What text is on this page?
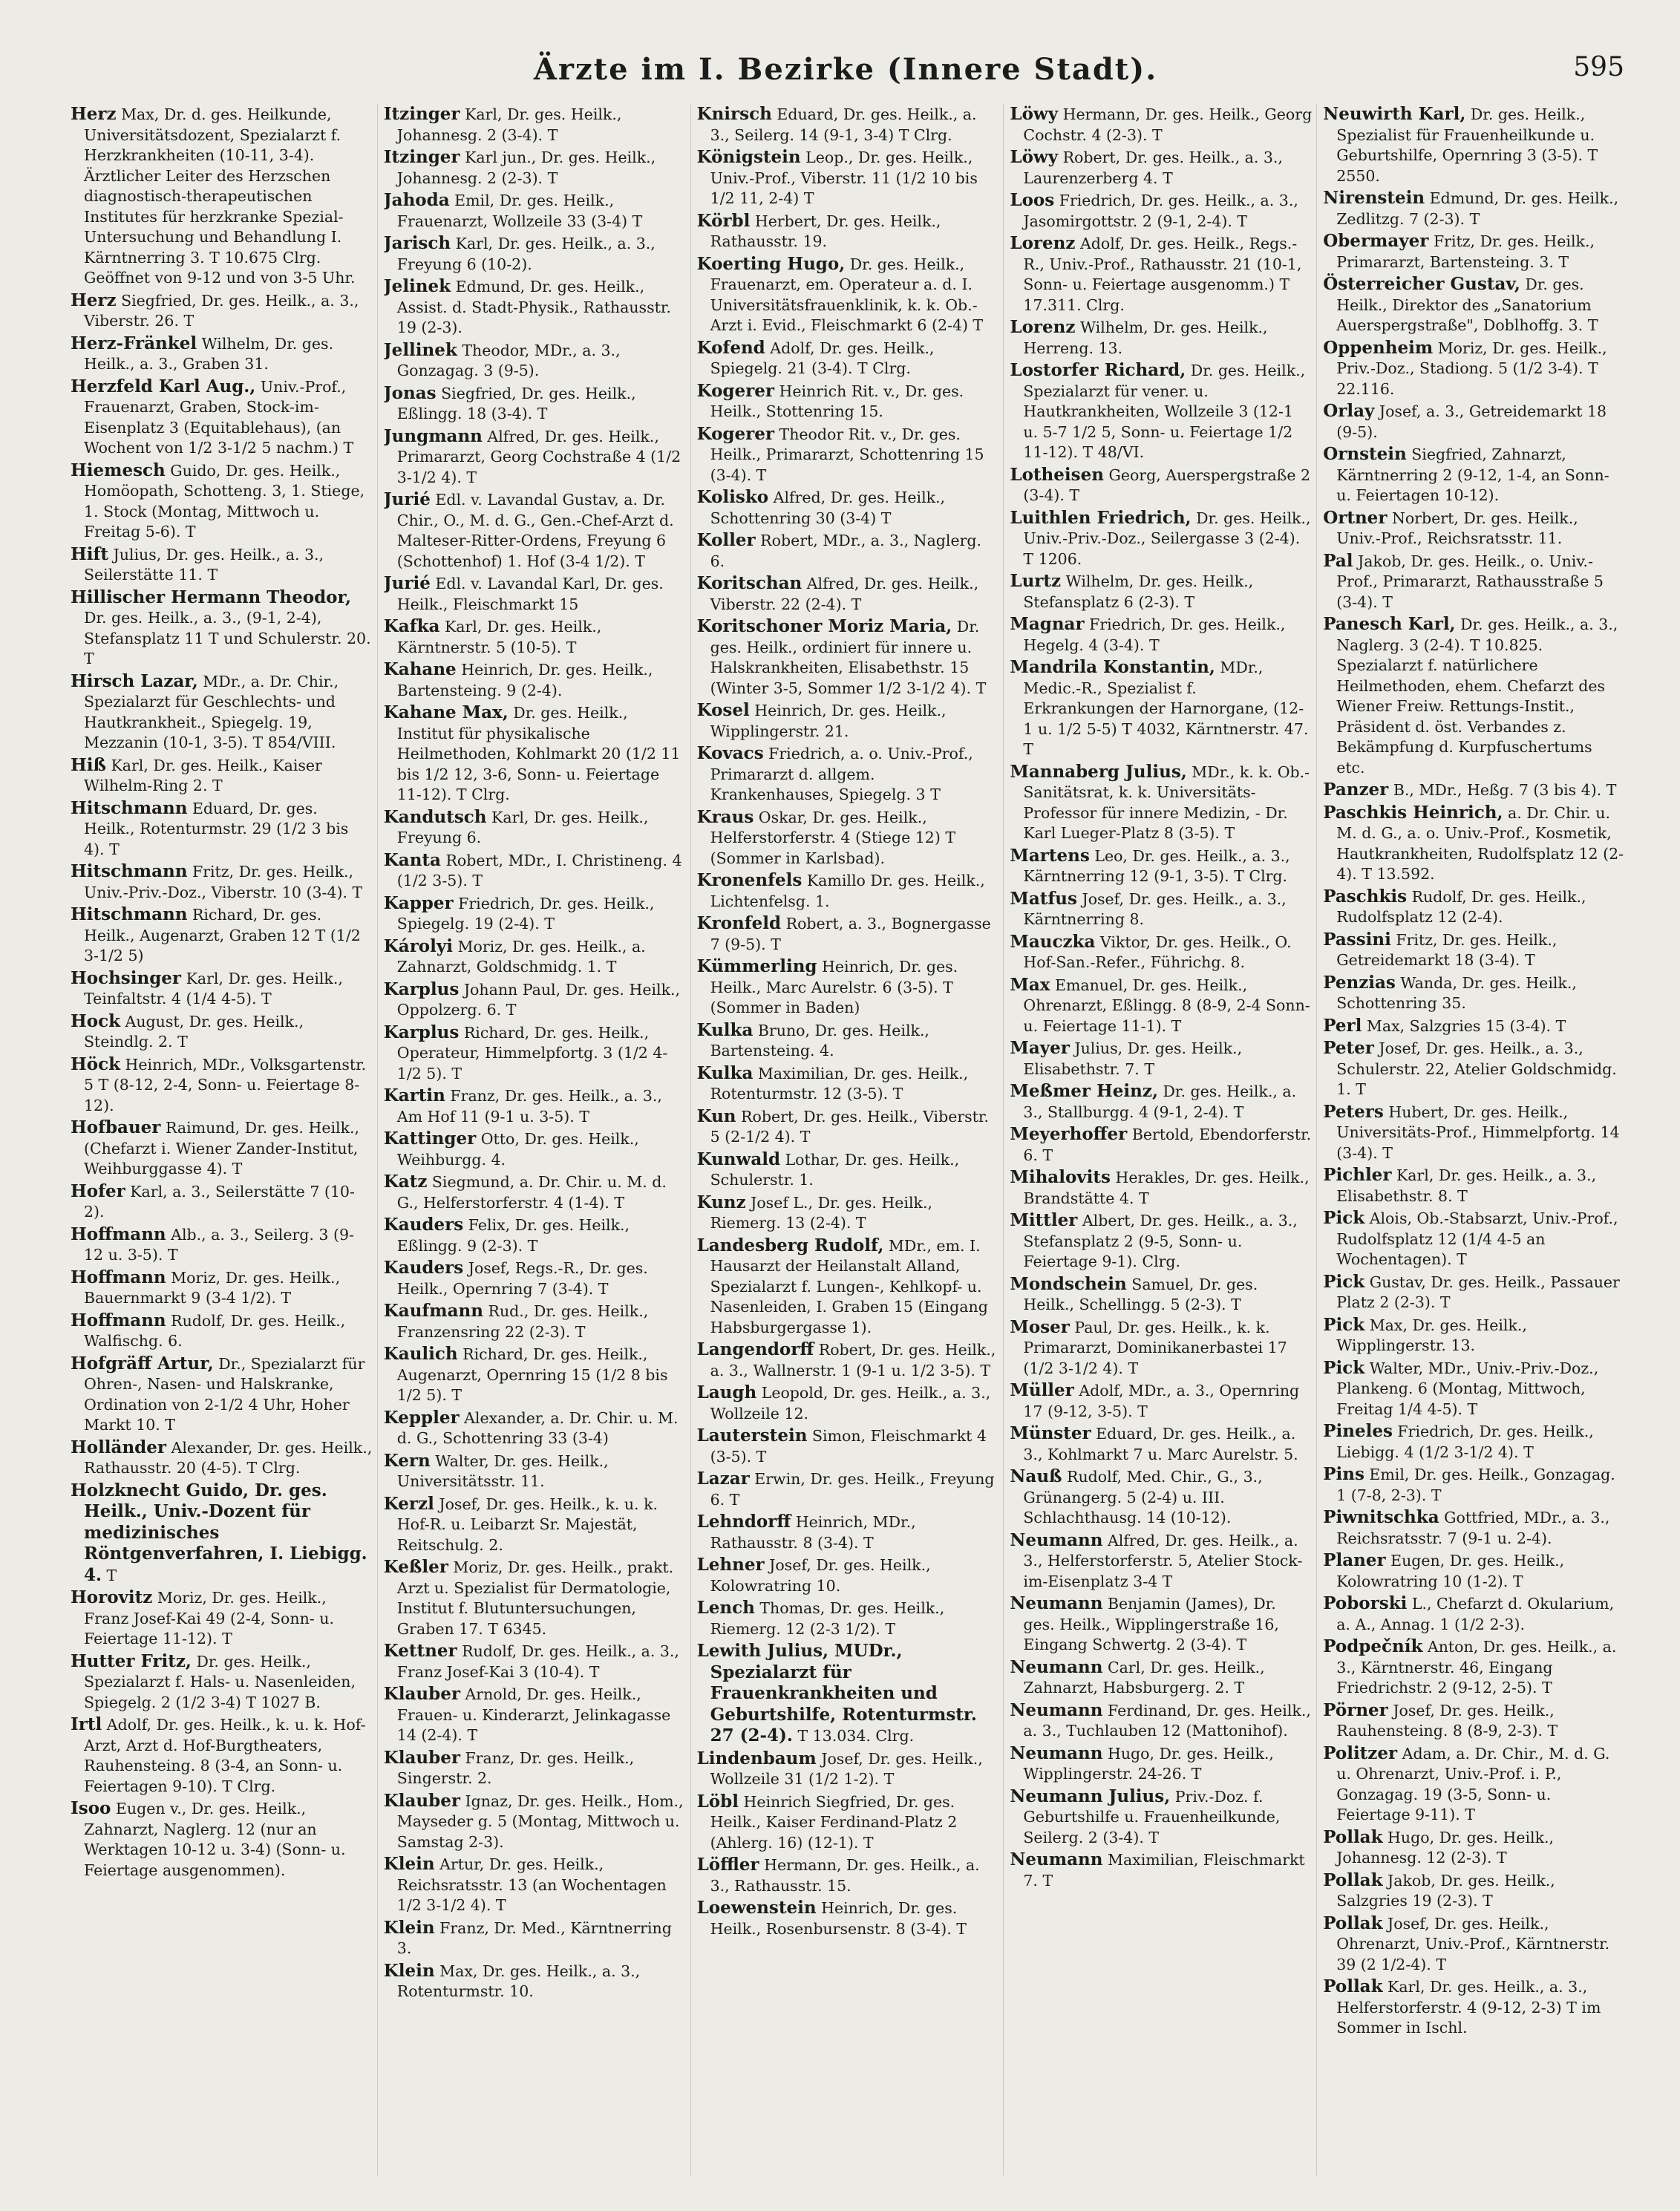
Ärzte im I. Bezirke (Innere Stadt).	595

Herz Max, Dr. d. ges. Heilkunde, Universitätsdozent, Spezialarzt f. Herzkrankheiten (10-11, 3-4). Ärztlicher Leiter des Herzschen diagnostisch-therapeutischen Institutes für herzkranke Spezial-Untersuchung und Behandlung I. Kärntnerring 3. T 10.675 Clrg. Geöffnet von 9-12 und von 3-5 Uhr.

Herz Siegfried, Dr. ges. Heilk., a. 3., Viberstr. 26. T

Herz-Fränkel Wilhelm, Dr. ges. Heilk., a. 3., Graben 31.

Herzfeld Karl Aug., Univ.-Prof., Frauenarzt, Graben, Stock-im-Eisenplatz 3 (Equitablehaus), (an Wochent von 1/2 3-1/2 5 nachm.) T

Hiemesch Guido, Dr. ges. Heilk., Homöopath, Schotteng. 3, 1. Stiege, 1. Stock (Montag, Mittwoch u. Freitag 5-6). T

Hift Julius, Dr. ges. Heilk., a. 3., Seilerstätte 11. T

Hillischer Hermann Theodor, Dr. ges. Heilk., a. 3., (9-1, 2-4), Stefansplatz 11 T und Schulerstr. 20. T

Hirsch Lazar, MDr., a. Dr. Chir., Spezialarzt für Geschlechts- und Hautkrankheit., Spiegelg. 19, Mezzanin (10-1, 3-5). T 854/VIII.

Hiß Karl, Dr. ges. Heilk., Kaiser Wilhelm-Ring 2. T

Hitschmann Eduard, Dr. ges. Heilk., Rotenturmstr. 29 (1/2 3 bis 4). T

Hitschmann Fritz, Dr. ges. Heilk., Univ.-Priv.-Doz., Viberstr. 10 (3-4). T

Hitschmann Richard, Dr. ges. Heilk., Augenarzt, Graben 12 T (1/2 3-1/2 5)

Hochsinger Karl, Dr. ges. Heilk., Teinfaltstr. 4 (1/4 4-5). T

Hock August, Dr. ges. Heilk., Steindlg. 2. T

Höck Heinrich, MDr., Volksgartenstr. 5 T (8-12, 2-4, Sonn- u. Feiertage 8-12).

Hofbauer Raimund, Dr. ges. Heilk., (Chefarzt i. Wiener Zander-Institut, Weihburggasse 4). T

Hofer Karl, a. 3., Seilerstätte 7 (10-2).

Hoffmann Alb., a. 3., Seilerg. 3 (9-12 u. 3-5). T

Hoffmann Moriz, Dr. ges. Heilk., Bauernmarkt 9 (3-4 1/2). T

Hoffmann Rudolf, Dr. ges. Heilk., Walfischg. 6.

Hofgräff Artur, Dr., Spezialarzt für Ohren-, Nasen- und Halskranke, Ordination von 2-1/2 4 Uhr, Hoher Markt 10. T

Holländer Alexander, Dr. ges. Heilk., Rathausstr. 20 (4-5). T Clrg.

Holzknecht Guido, Dr. ges. Heilk., Univ.-Dozent für medizinisches Röntgenverfahren, I. Liebigg. 4. T

Horovitz Moriz, Dr. ges. Heilk., Franz Josef-Kai 49 (2-4, Sonn- u. Feiertage 11-12). T

Hutter Fritz, Dr. ges. Heilk., Spezialarzt f. Hals- u. Nasenleiden, Spiegelg. 2 (1/2 3-4) T 1027 B.

Irtl Adolf, Dr. ges. Heilk., k. u. k. Hof-Arzt, Arzt d. Hof-Burgtheaters, Rauhensteing. 8 (3-4, an Sonn- u. Feiertagen 9-10). T Clrg.

Isoo Eugen v., Dr. ges. Heilk., Zahnarzt, Naglerg. 12 (nur an Werktagen 10-12 u. 3-4) (Sonn- u. Feiertage ausgenommen).

Itzinger Karl, Dr. ges. Heilk., Johannesg. 2 (3-4). T

Itzinger Karl jun., Dr. ges. Heilk., Johannesg. 2 (2-3). T

Jahoda Emil, Dr. ges. Heilk., Frauenarzt, Wollzeile 33 (3-4) T

Jarisch Karl, Dr. ges. Heilk., a. 3., Freyung 6 (10-2).

Jelinek Edmund, Dr. ges. Heilk., Assist. d. Stadt-Physik., Rathausstr. 19 (2-3).

Jellinek Theodor, MDr., a. 3., Gonzagag. 3 (9-5).

Jonas Siegfried, Dr. ges. Heilk., Eßlingg. 18 (3-4). T

Jungmann Alfred, Dr. ges. Heilk., Primararzt, Georg Cochstraße 4 (1/2 3-1/2 4). T

Jurié Edl. v. Lavandal Gustav, a. Dr. Chir., O., M. d. G., Gen.-Chef-Arzt d. Malteser-Ritter-Ordens, Freyung 6 (Schottenhof) 1. Hof (3-4 1/2). T

Jurié Edl. v. Lavandal Karl, Dr. ges. Heilk., Fleischmarkt 15

Kafka Karl, Dr. ges. Heilk., Kärntnerstr. 5 (10-5). T

Kahane Heinrich, Dr. ges. Heilk., Bartensteing. 9 (2-4).

Kahane Max, Dr. ges. Heilk., Institut für physikalische Heilmethoden, Kohlmarkt 20 (1/2 11 bis 1/2 12, 3-6, Sonn- u. Feiertage 11-12). T Clrg.

Kandutsch Karl, Dr. ges. Heilk., Freyung 6.

Kanta Robert, MDr., I. Christineng. 4 (1/2 3-5). T

Kapper Friedrich, Dr. ges. Heilk., Spiegelg. 19 (2-4). T

Károlyi Moriz, Dr. ges. Heilk., a. Zahnarzt, Goldschmidg. 1. T

Karplus Johann Paul, Dr. ges. Heilk., Oppolzerg. 6. T

Karplus Richard, Dr. ges. Heilk., Operateur, Himmelpfortg. 3 (1/2 4-1/2 5). T

Kartin Franz, Dr. ges. Heilk., a. 3., Am Hof 11 (9-1 u. 3-5). T

Kattinger Otto, Dr. ges. Heilk., Weihburgg. 4.

Katz Siegmund, a. Dr. Chir. u. M. d. G., Helferstorferstr. 4 (1-4). T

Kauders Felix, Dr. ges. Heilk., Eßlingg. 9 (2-3). T

Kauders Josef, Regs.-R., Dr. ges. Heilk., Opernring 7 (3-4). T

Kaufmann Rud., Dr. ges. Heilk., Franzensring 22 (2-3). T

Kaulich Richard, Dr. ges. Heilk., Augenarzt, Opernring 15 (1/2 8 bis 1/2 5). T

Keppler Alexander, a. Dr. Chir. u. M. d. G., Schottenring 33 (3-4)

Kern Walter, Dr. ges. Heilk., Universitätsstr. 11.

Kerzl Josef, Dr. ges. Heilk., k. u. k. Hof-R. u. Leibarzt Sr. Majestät, Reitschulg. 2.

Keßler Moriz, Dr. ges. Heilk., prakt. Arzt u. Spezialist für Dermatologie, Institut f. Blutuntersuchungen, Graben 17. T 6345.

Kettner Rudolf, Dr. ges. Heilk., a. 3., Franz Josef-Kai 3 (10-4). T

Klauber Arnold, Dr. ges. Heilk., Frauen- u. Kinderarzt, Jelinkagasse 14 (2-4). T

Klauber Franz, Dr. ges. Heilk., Singerstr. 2.

Klauber Ignaz, Dr. ges. Heilk., Hom., Mayseder g. 5 (Montag, Mittwoch u. Samstag 2-3).

Klein Artur, Dr. ges. Heilk., Reichsratsstr. 13 (an Wochentagen 1/2 3-1/2 4). T

Klein Franz, Dr. Med., Kärntnerring 3.

Klein Max, Dr. ges. Heilk., a. 3., Rotenturmstr. 10.

Knirsch Eduard, Dr. ges. Heilk., a. 3., Seilerg. 14 (9-1, 3-4) T Clrg.

Königstein Leop., Dr. ges. Heilk., Univ.-Prof., Viberstr. 11 (1/2 10 bis 1/2 11, 2-4) T

Körbl Herbert, Dr. ges. Heilk., Rathausstr. 19.

Koerting Hugo, Dr. ges. Heilk., Frauenarzt, em. Operateur a. d. I. Universitätsfrauenklinik, k. k. Ob.-Arzt i. Evid., Fleischmarkt 6 (2-4) T

Kofend Adolf, Dr. ges. Heilk., Spiegelg. 21 (3-4). T Clrg.

Kogerer Heinrich Rit. v., Dr. ges. Heilk., Stottenring 15.

Kogerer Theodor Rit. v., Dr. ges. Heilk., Primararzt, Schottenring 15 (3-4). T

Kolisko Alfred, Dr. ges. Heilk., Schottenring 30 (3-4) T

Koller Robert, MDr., a. 3., Naglerg. 6.

Koritschan Alfred, Dr. ges. Heilk., Viberstr. 22 (2-4). T

Koritschoner Moriz Maria, Dr. ges. Heilk., ordiniert für innere u. Halskrankheiten, Elisabethstr. 15 (Winter 3-5, Sommer 1/2 3-1/2 4). T

Kosel Heinrich, Dr. ges. Heilk., Wipplingerstr. 21.

Kovacs Friedrich, a. o. Univ.-Prof., Primararzt d. allgem. Krankenhauses, Spiegelg. 3 T

Kraus Oskar, Dr. ges. Heilk., Helferstorferstr. 4 (Stiege 12) T (Sommer in Karlsbad).

Kronenfels Kamillo Dr. ges. Heilk., Lichtenfelsg. 1.

Kronfeld Robert, a. 3., Bognergasse 7 (9-5). T

Kümmerling Heinrich, Dr. ges. Heilk., Marc Aurelstr. 6 (3-5). T (Sommer in Baden)

Kulka Bruno, Dr. ges. Heilk., Bartensteing. 4.

Kulka Maximilian, Dr. ges. Heilk., Rotenturmstr. 12 (3-5). T

Kun Robert, Dr. ges. Heilk., Viberstr. 5 (2-1/2 4). T

Kunwald Lothar, Dr. ges. Heilk., Schulerstr. 1.

Kunz Josef L., Dr. ges. Heilk., Riemerg. 13 (2-4). T

Landesberg Rudolf, MDr., em. I. Hausarzt der Heilanstalt Alland, Spezialarzt f. Lungen-, Kehlkopf- u. Nasenleiden, I. Graben 15 (Eingang Habsburgergasse 1).

Langendorff Robert, Dr. ges. Heilk., a. 3., Wallnerstr. 1 (9-1 u. 1/2 3-5). T

Laugh Leopold, Dr. ges. Heilk., a. 3., Wollzeile 12.

Lauterstein Simon, Fleischmarkt 4 (3-5). T

Lazar Erwin, Dr. ges. Heilk., Freyung 6. T

Lehndorff Heinrich, MDr., Rathausstr. 8 (3-4). T

Lehner Josef, Dr. ges. Heilk., Kolowratring 10.

Lench Thomas, Dr. ges. Heilk., Riemerg. 12 (2-3 1/2). T

Lewith Julius, MUDr., Spezialarzt für Frauenkrankheiten und Geburtshilfe, Rotenturmstr. 27 (2-4). T 13.034. Clrg.

Lindenbaum Josef, Dr. ges. Heilk., Wollzeile 31 (1/2 1-2). T

Löbl Heinrich Siegfried, Dr. ges. Heilk., Kaiser Ferdinand-Platz 2 (Ahlerg. 16) (12-1). T

Löffler Hermann, Dr. ges. Heilk., a. 3., Rathausstr. 15.

Loewenstein Heinrich, Dr. ges. Heilk., Rosenbursenstr. 8 (3-4). T

Löwy Hermann, Dr. ges. Heilk., Georg Cochstr. 4 (2-3). T

Löwy Robert, Dr. ges. Heilk., a. 3., Laurenzerberg 4. T

Loos Friedrich, Dr. ges. Heilk., a. 3., Jasomirgottstr. 2 (9-1, 2-4). T

Lorenz Adolf, Dr. ges. Heilk., Regs.-R., Univ.-Prof., Rathausstr. 21 (10-1, Sonn- u. Feiertage ausgenomm.) T 17.311. Clrg.

Lorenz Wilhelm, Dr. ges. Heilk., Herreng. 13.

Lostorfer Richard, Dr. ges. Heilk., Spezialarzt für vener. u. Hautkrankheiten, Wollzeile 3 (12-1 u. 5-7 1/2 5, Sonn- u. Feiertage 1/2 11-12). T 48/VI.

Lotheisen Georg, Auerspergstraße 2 (3-4). T

Luithlen Friedrich, Dr. ges. Heilk., Univ.-Priv.-Doz., Seilergasse 3 (2-4). T 1206.

Lurtz Wilhelm, Dr. ges. Heilk., Stefansplatz 6 (2-3). T

Magnar Friedrich, Dr. ges. Heilk., Hegelg. 4 (3-4). T

Mandrila Konstantin, MDr., Medic.-R., Spezialist f. Erkrankungen der Harnorgane, (12-1 u. 1/2 5-5) T 4032, Kärntnerstr. 47. T

Mannaberg Julius, MDr., k. k. Ob.-Sanitätsrat, k. k. Universitäts-Professor für innere Medizin, - Dr. Karl Lueger-Platz 8 (3-5). T

Martens Leo, Dr. ges. Heilk., a. 3., Kärntnerring 12 (9-1, 3-5). T Clrg.

Matfus Josef, Dr. ges. Heilk., a. 3., Kärntnerring 8.

Mauczka Viktor, Dr. ges. Heilk., O. Hof-San.-Refer., Führichg. 8.

Max Emanuel, Dr. ges. Heilk., Ohrenarzt, Eßlingg. 8 (8-9, 2-4 Sonn- u. Feiertage 11-1). T

Mayer Julius, Dr. ges. Heilk., Elisabethstr. 7. T

Meßmer Heinz, Dr. ges. Heilk., a. 3., Stallburgg. 4 (9-1, 2-4). T

Meyerhoffer Bertold, Ebendorferstr. 6. T

Mihalovits Herakles, Dr. ges. Heilk., Brandstätte 4. T

Mittler Albert, Dr. ges. Heilk., a. 3., Stefansplatz 2 (9-5, Sonn- u. Feiertage 9-1). Clrg.

Mondschein Samuel, Dr. ges. Heilk., Schellingg. 5 (2-3). T

Moser Paul, Dr. ges. Heilk., k. k. Primararzt, Dominikanerbastei 17 (1/2 3-1/2 4). T

Müller Adolf, MDr., a. 3., Opernring 17 (9-12, 3-5). T

Münster Eduard, Dr. ges. Heilk., a. 3., Kohlmarkt 7 u. Marc Aurelstr. 5.

Nauß Rudolf, Med. Chir., G., 3., Grünangerg. 5 (2-4) u. III. Schlachthausg. 14 (10-12).

Neumann Alfred, Dr. ges. Heilk., a. 3., Helferstorferstr. 5, Atelier Stock-im-Eisenplatz 3-4 T

Neumann Benjamin (James), Dr. ges. Heilk., Wipplingerstraße 16, Eingang Schwertg. 2 (3-4). T

Neumann Carl, Dr. ges. Heilk., Zahnarzt, Habsburgerg. 2. T

Neumann Ferdinand, Dr. ges. Heilk., a. 3., Tuchlauben 12 (Mattonihof).

Neumann Hugo, Dr. ges. Heilk., Wipplingerstr. 24-26. T

Neumann Julius, Priv.-Doz. f. Geburtshilfe u. Frauenheilkunde, Seilerg. 2 (3-4). T

Neumann Maximilian, Fleischmarkt 7. T

Neuwirth Karl, Dr. ges. Heilk., Spezialist für Frauenheilkunde u. Geburtshilfe, Opernring 3 (3-5). T 2550.

Nirenstein Edmund, Dr. ges. Heilk., Zedlitzg. 7 (2-3). T

Obermayer Fritz, Dr. ges. Heilk., Primararzt, Bartensteing. 3. T

Österreicher Gustav, Dr. ges. Heilk., Direktor des „Sanatorium Auerspergstraße", Doblhoffg. 3. T

Oppenheim Moriz, Dr. ges. Heilk., Priv.-Doz., Stadiong. 5 (1/2 3-4). T 22.116.

Orlay Josef, a. 3., Getreidemarkt 18 (9-5).

Ornstein Siegfried, Zahnarzt, Kärntnerring 2 (9-12, 1-4, an Sonn- u. Feiertagen 10-12).

Ortner Norbert, Dr. ges. Heilk., Univ.-Prof., Reichsratsstr. 11.

Pal Jakob, Dr. ges. Heilk., o. Univ.-Prof., Primararzt, Rathausstraße 5 (3-4). T

Panesch Karl, Dr. ges. Heilk., a. 3., Naglerg. 3 (2-4). T 10.825. Spezialarzt f. natürlichere Heilmethoden, ehem. Chefarzt des Wiener Freiw. Rettungs-Instit., Präsident d. öst. Verbandes z. Bekämpfung d. Kurpfuschertums etc.

Panzer B., MDr., Heßg. 7 (3 bis 4). T

Paschkis Heinrich, a. Dr. Chir. u. M. d. G., a. o. Univ.-Prof., Kosmetik, Hautkrankheiten, Rudolfsplatz 12 (2-4). T 13.592.

Paschkis Rudolf, Dr. ges. Heilk., Rudolfsplatz 12 (2-4).

Passini Fritz, Dr. ges. Heilk., Getreidemarkt 18 (3-4). T

Penzias Wanda, Dr. ges. Heilk., Schottenring 35.

Perl Max, Salzgries 15 (3-4). T

Peter Josef, Dr. ges. Heilk., a. 3., Schulerstr. 22, Atelier Goldschmidg. 1. T

Peters Hubert, Dr. ges. Heilk., Universitäts-Prof., Himmelpfortg. 14 (3-4). T

Pichler Karl, Dr. ges. Heilk., a. 3., Elisabethstr. 8. T

Pick Alois, Ob.-Stabsarzt, Univ.-Prof., Rudolfsplatz 12 (1/4 4-5 an Wochentagen). T

Pick Gustav, Dr. ges. Heilk., Passauer Platz 2 (2-3). T

Pick Max, Dr. ges. Heilk., Wipplingerstr. 13.

Pick Walter, MDr., Univ.-Priv.-Doz., Plankeng. 6 (Montag, Mittwoch, Freitag 1/4 4-5). T

Pineles Friedrich, Dr. ges. Heilk., Liebigg. 4 (1/2 3-1/2 4). T

Pins Emil, Dr. ges. Heilk., Gonzagag. 1 (7-8, 2-3). T

Piwnitschka Gottfried, MDr., a. 3., Reichsratsstr. 7 (9-1 u. 2-4).

Planer Eugen, Dr. ges. Heilk., Kolowratring 10 (1-2). T

Poborski L., Chefarzt d. Okularium, a. A., Annag. 1 (1/2 2-3).

Podpečník Anton, Dr. ges. Heilk., a. 3., Kärntnerstr. 46, Eingang Friedrichstr. 2 (9-12, 2-5). T

Pörner Josef, Dr. ges. Heilk., Rauhensteing. 8 (8-9, 2-3). T

Politzer Adam, a. Dr. Chir., M. d. G. u. Ohrenarzt, Univ.-Prof. i. P., Gonzagag. 19 (3-5, Sonn- u. Feiertage 9-11). T

Pollak Hugo, Dr. ges. Heilk., Johannesg. 12 (2-3). T

Pollak Jakob, Dr. ges. Heilk., Salzgries 19 (2-3). T

Pollak Josef, Dr. ges. Heilk., Ohrenarzt, Univ.-Prof., Kärntnerstr. 39 (2 1/2-4). T

Pollak Karl, Dr. ges. Heilk., a. 3., Helferstorferstr. 4 (9-12, 2-3) T im Sommer in Ischl.
